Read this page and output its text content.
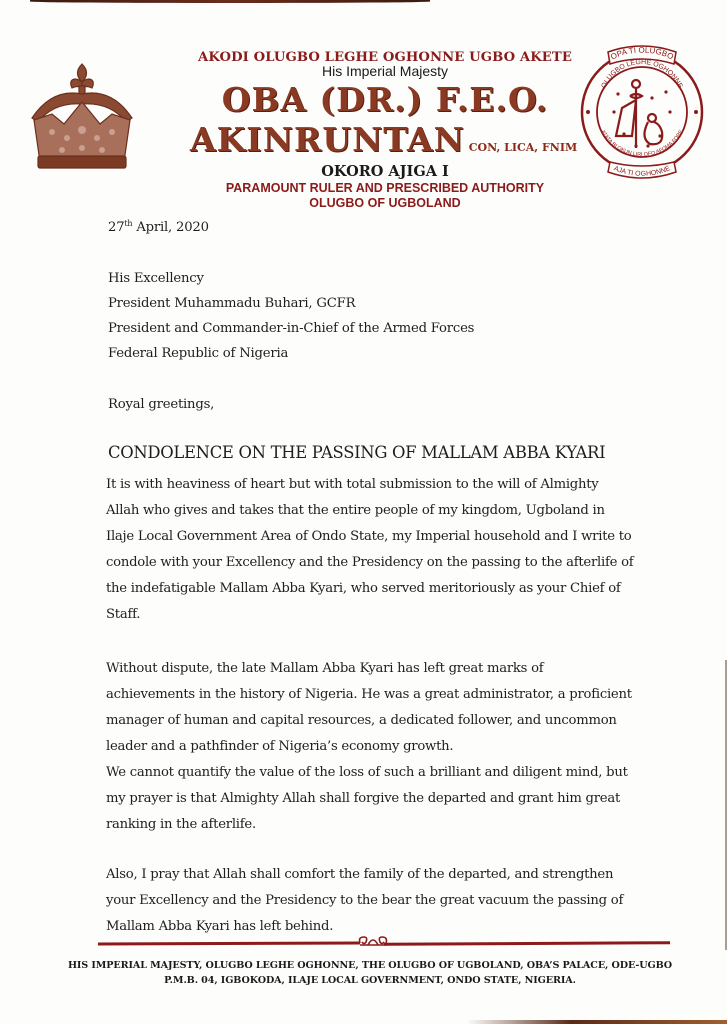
AKODI OLUGBO LEGHE OGHONNE UGBO AKETE
His Imperial Majesty
OBA (DR.) F.E.O.
AKINRUNTAN CON, LICA, FNIM
OKORO AJIGA I
PARAMOUNT RULER AND PRESCRIBED AUTHORITY
OLUGBO OF UGBOLAND
OPA TI OLUGBO
OLUGBO LEGHE OGHONNE
ATATA BI OKUN LIRI OFO AFOMA FORE
AJA TI OGHONNE
27th April, 2020
His Excellency
President Muhammadu Buhari, GCFR
President and Commander-in-Chief of the Armed Forces
Federal Republic of Nigeria
Royal greetings,
CONDOLENCE ON THE PASSING OF MALLAM ABBA KYARI
It is with heaviness of heart but with total submission to the will of Almighty
Allah who gives and takes that the entire people of my kingdom, Ugboland in
Ilaje Local Government Area of Ondo State, my Imperial household and I write to
condole with your Excellency and the Presidency on the passing to the afterlife of
the indefatigable Mallam Abba Kyari, who served meritoriously as your Chief of
Staff.
Without dispute, the late Mallam Abba Kyari has left great marks of
achievements in the history of Nigeria. He was a great administrator, a proficient
manager of human and capital resources, a dedicated follower, and uncommon
leader and a pathfinder of Nigeria’s economy growth.
We cannot quantify the value of the loss of such a brilliant and diligent mind, but
my prayer is that Almighty Allah shall forgive the departed and grant him great
ranking in the afterlife.
Also, I pray that Allah shall comfort the family of the departed, and strengthen
your Excellency and the Presidency to the bear the great vacuum the passing of
Mallam Abba Kyari has left behind.
HIS IMPERIAL MAJESTY, OLUGBO LEGHE OGHONNE, THE OLUGBO OF UGBOLAND, OBA’S PALACE, ODE-UGBO
P.M.B. 04, IGBOKODA, ILAJE LOCAL GOVERNMENT, ONDO STATE, NIGERIA.
